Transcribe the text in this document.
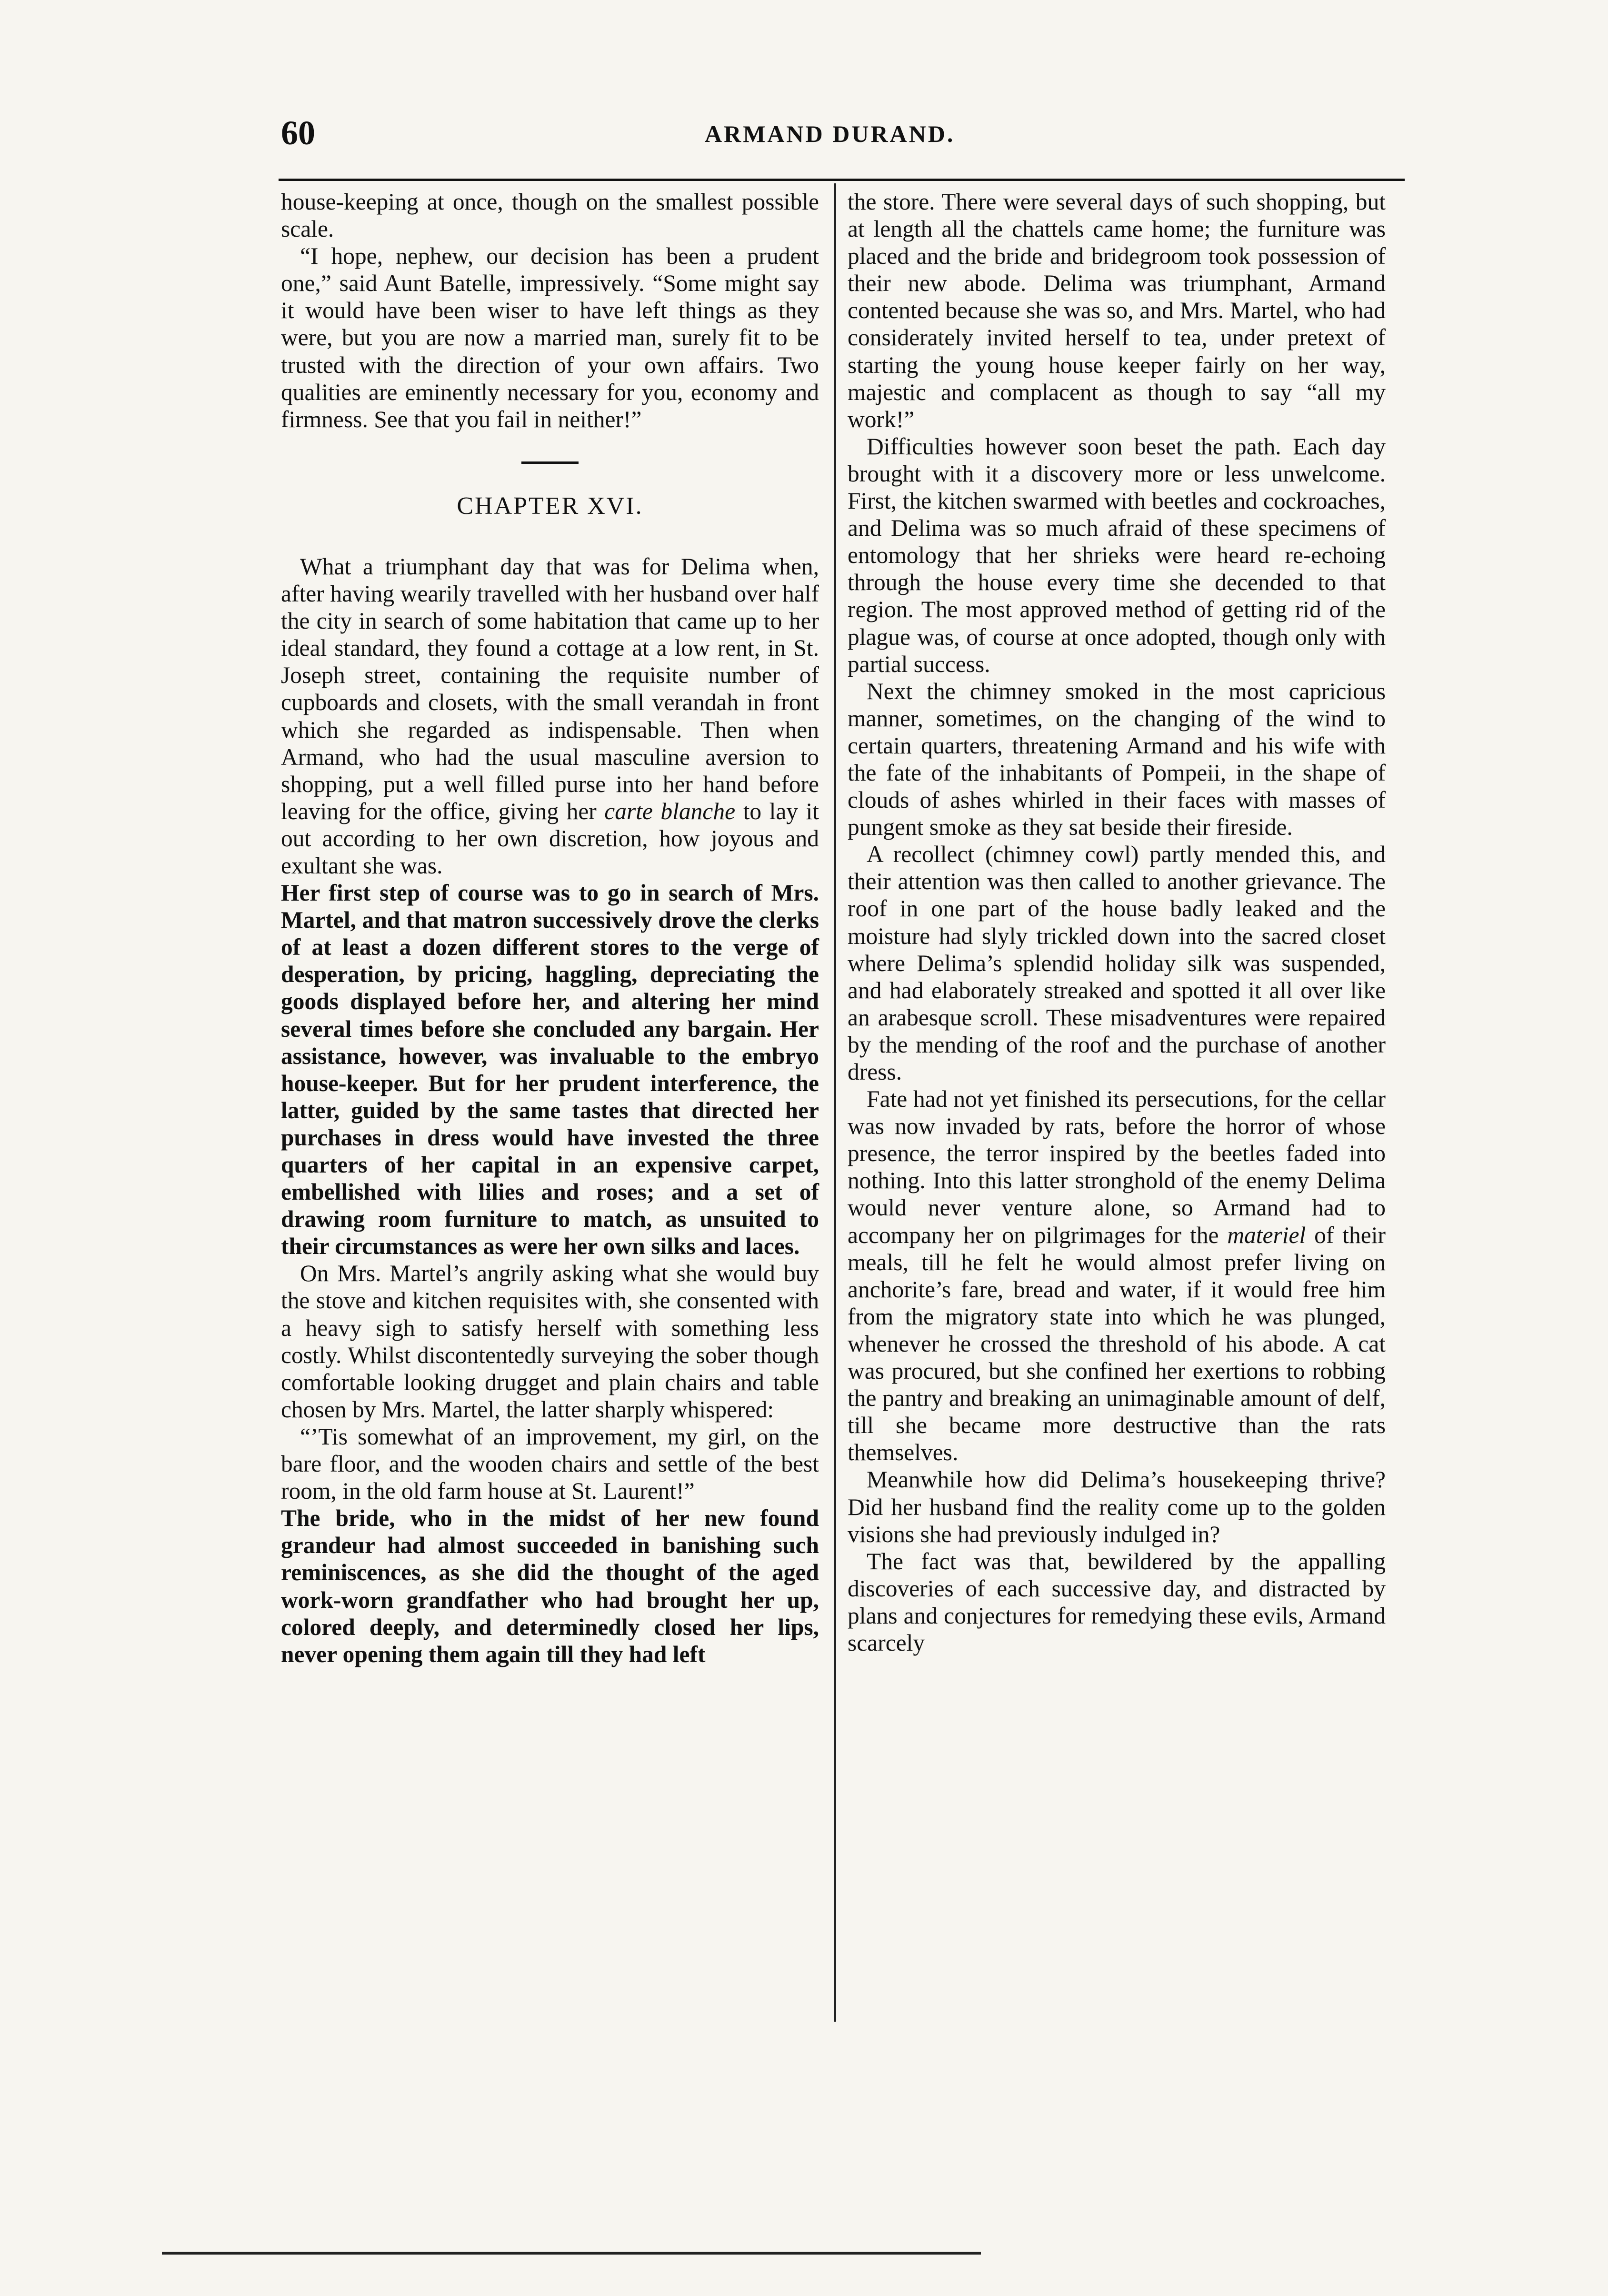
60	ARMAND DURAND.

house-keeping at once, though on the smallest possible scale.

“I hope, nephew, our decision has been a prudent one,” said Aunt Batelle, impressively. “Some might say it would have been wiser to have left things as they were, but you are now a married man, surely fit to be trusted with the direction of your own affairs. Two qualities are eminently necessary for you, economy and firmness. See that you fail in neither!”

CHAPTER XVI.

What a triumphant day that was for Delima when, after having wearily travelled with her husband over half the city in search of some habitation that came up to her ideal standard, they found a cottage at a low rent, in St. Joseph street, containing the requisite number of cupboards and closets, with the small verandah in front which she regarded as indispensable. Then when Armand, who had the usual masculine aversion to shopping, put a well filled purse into her hand before leaving for the office, giving her carte blanche to lay it out according to her own discretion, how joyous and exultant she was.

Her first step of course was to go in search of Mrs. Martel, and that matron successively drove the clerks of at least a dozen different stores to the verge of desperation, by pricing, haggling, depreciating the goods displayed before her, and altering her mind several times before she concluded any bargain. Her assistance, however, was invaluable to the embryo house-keeper. But for her prudent interference, the latter, guided by the same tastes that directed her purchases in dress would have invested the three quarters of her capital in an expensive carpet, embellished with lilies and roses; and a set of drawing room furniture to match, as unsuited to their circumstances as were her own silks and laces.

On Mrs. Martel’s angrily asking what she would buy the stove and kitchen requisites with, she consented with a heavy sigh to satisfy herself with something less costly. Whilst discontentedly surveying the sober though comfortable looking drugget and plain chairs and table chosen by Mrs. Martel, the latter sharply whispered:

“’Tis somewhat of an improvement, my girl, on the bare floor, and the wooden chairs and settle of the best room, in the old farm house at St. Laurent!”

The bride, who in the midst of her new found grandeur had almost succeeded in banishing such reminiscences, as she did the thought of the aged work-worn grandfather who had brought her up, colored deeply, and determinedly closed her lips, never opening them again till they had left

the store. There were several days of such shopping, but at length all the chattels came home; the furniture was placed and the bride and bridegroom took possession of their new abode. Delima was triumphant, Armand contented because she was so, and Mrs. Martel, who had considerately invited herself to tea, under pretext of starting the young house keeper fairly on her way, majestic and complacent as though to say “all my work!”

Difficulties however soon beset the path. Each day brought with it a discovery more or less unwelcome. First, the kitchen swarmed with beetles and cockroaches, and Delima was so much afraid of these specimens of entomology that her shrieks were heard re-echoing through the house every time she decended to that region. The most approved method of getting rid of the plague was, of course at once adopted, though only with partial success.

Next the chimney smoked in the most capricious manner, sometimes, on the changing of the wind to certain quarters, threatening Armand and his wife with the fate of the inhabitants of Pompeii, in the shape of clouds of ashes whirled in their faces with masses of pungent smoke as they sat beside their fireside.

A recollect (chimney cowl) partly mended this, and their attention was then called to another grievance. The roof in one part of the house badly leaked and the moisture had slyly trickled down into the sacred closet where Delima’s splendid holiday silk was suspended, and had elaborately streaked and spotted it all over like an arabesque scroll. These misadventures were repaired by the mending of the roof and the purchase of another dress.

Fate had not yet finished its persecutions, for the cellar was now invaded by rats, before the horror of whose presence, the terror inspired by the beetles faded into nothing. Into this latter stronghold of the enemy Delima would never venture alone, so Armand had to accompany her on pilgrimages for the materiel of their meals, till he felt he would almost prefer living on anchorite’s fare, bread and water, if it would free him from the migratory state into which he was plunged, whenever he crossed the threshold of his abode. A cat was procured, but she confined her exertions to robbing the pantry and breaking an unimaginable amount of delf, till she became more destructive than the rats themselves.

Meanwhile how did Delima’s housekeeping thrive? Did her husband find the reality come up to the golden visions she had previously indulged in?

The fact was that, bewildered by the appalling discoveries of each successive day, and distracted by plans and conjectures for remedying these evils, Armand scarcely
